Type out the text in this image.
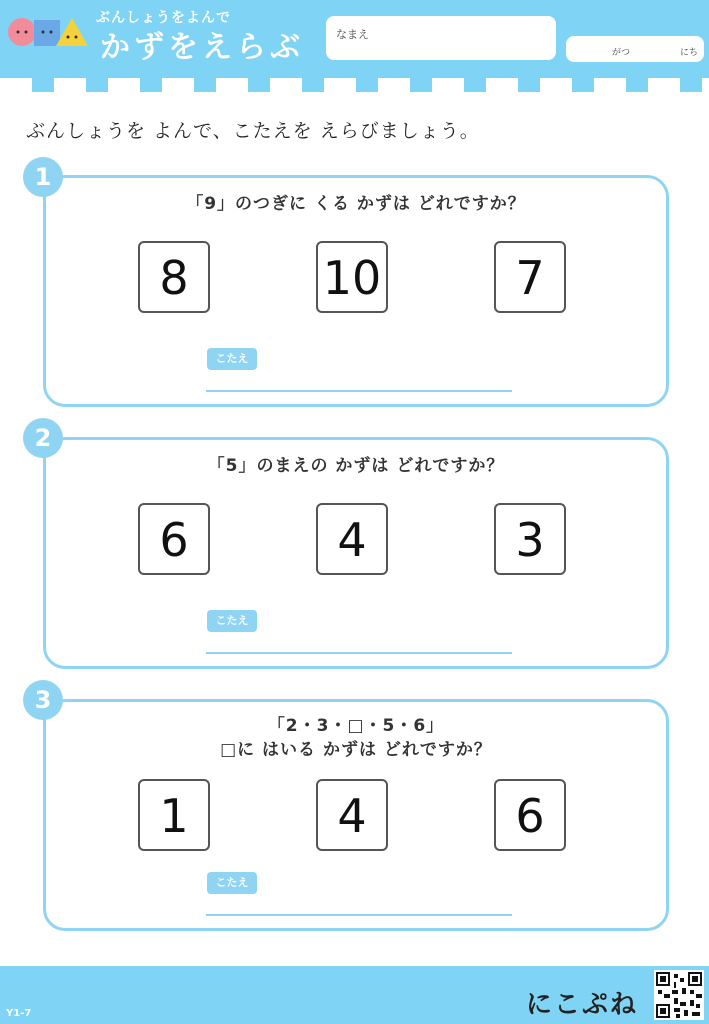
ぶんしょうをよんで
かずをえらぶ	なまえ
がつ	にち
ぶんしょうを よんで、こたえを えらびましょう。
1
「9」のつぎに くる かずは どれですか？
8	10	7
こたえ
2
「5」のまえの かずは どれですか？
6	4	3
こたえ
3
「2・3・□・5・6」
□に はいる かずは どれですか？
1	4	6
こたえ
Y1-7	にこぷね
